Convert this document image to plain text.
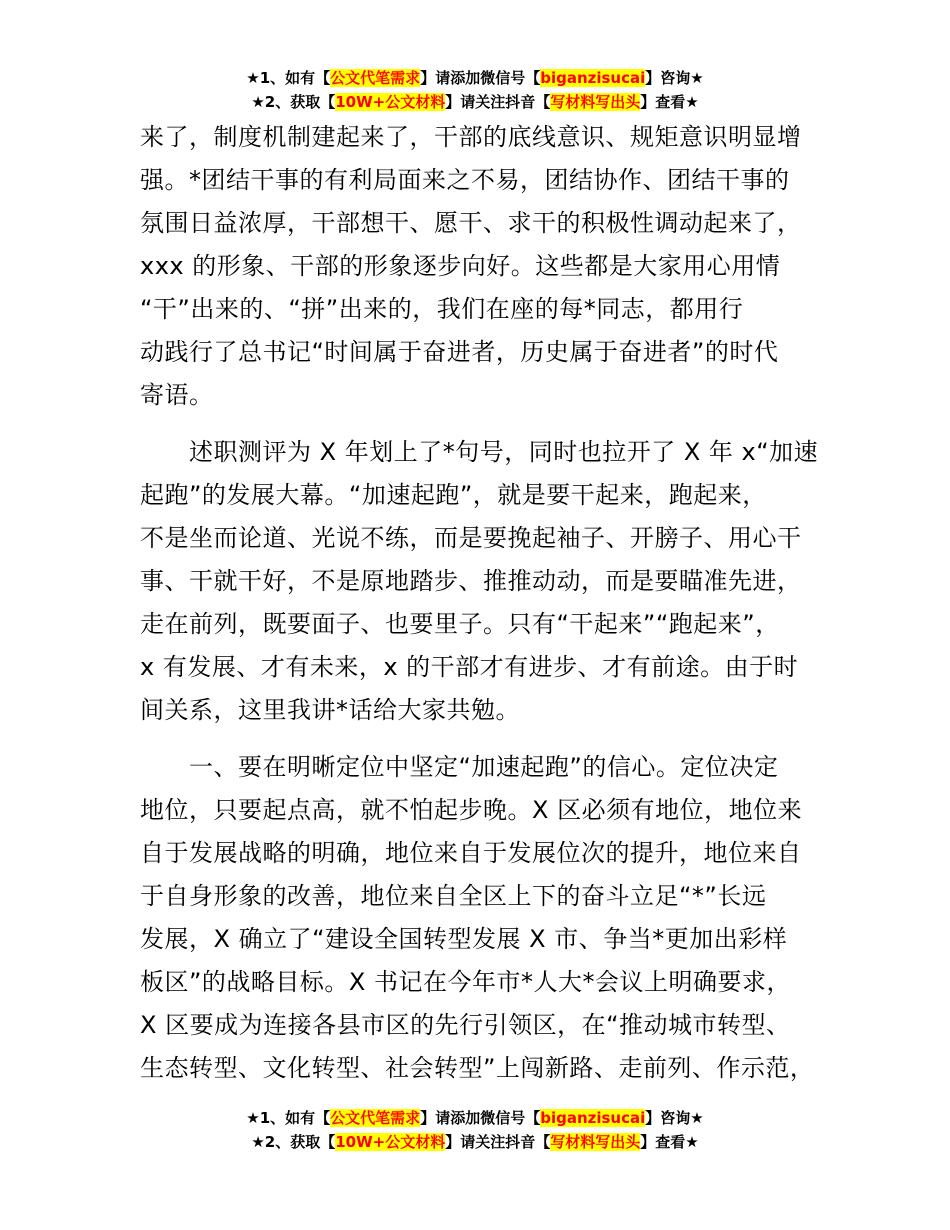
★1、如有【公文代笔需求】请添加微信号【biganzisucai】咨询★
★2、获取【10W+公文材料】请关注抖音【写材料写出头】查看★
来了，制度机制建起来了，干部的底线意识、规矩意识明显增
强。*团结干事的有利局面来之不易，团结协作、团结干事的
氛围日益浓厚，干部想干、愿干、求干的积极性调动起来了，
xxx 的形象、干部的形象逐步向好。这些都是大家用心用情
“干”出来的、“拼”出来的，我们在座的每*同志，都用行
动践行了总书记“时间属于奋进者，历史属于奋进者”的时代
寄语。
　　述职测评为 X 年划上了*句号，同时也拉开了 X 年 x“加速
起跑”的发展大幕。“加速起跑”，就是要干起来，跑起来，
不是坐而论道、光说不练，而是要挽起袖子、开膀子、用心干
事、干就干好，不是原地踏步、推推动动，而是要瞄准先进，
走在前列，既要面子、也要里子。只有“干起来”“跑起来”，
x 有发展、才有未来，x 的干部才有进步、才有前途。由于时
间关系，这里我讲*话给大家共勉。
　　一、要在明晰定位中坚定“加速起跑”的信心。定位决定
地位，只要起点高，就不怕起步晚。X 区必须有地位，地位来
自于发展战略的明确，地位来自于发展位次的提升，地位来自
于自身形象的改善，地位来自全区上下的奋斗立足“*”长远
发展，X 确立了“建设全国转型发展 X 市、争当*更加出彩样
板区”的战略目标。X 书记在今年市*人大*会议上明确要求，
X 区要成为连接各县市区的先行引领区，在“推动城市转型、
生态转型、文化转型、社会转型”上闯新路、走前列、作示范，
★1、如有【公文代笔需求】请添加微信号【biganzisucai】咨询★
★2、获取【10W+公文材料】请关注抖音【写材料写出头】查看★
